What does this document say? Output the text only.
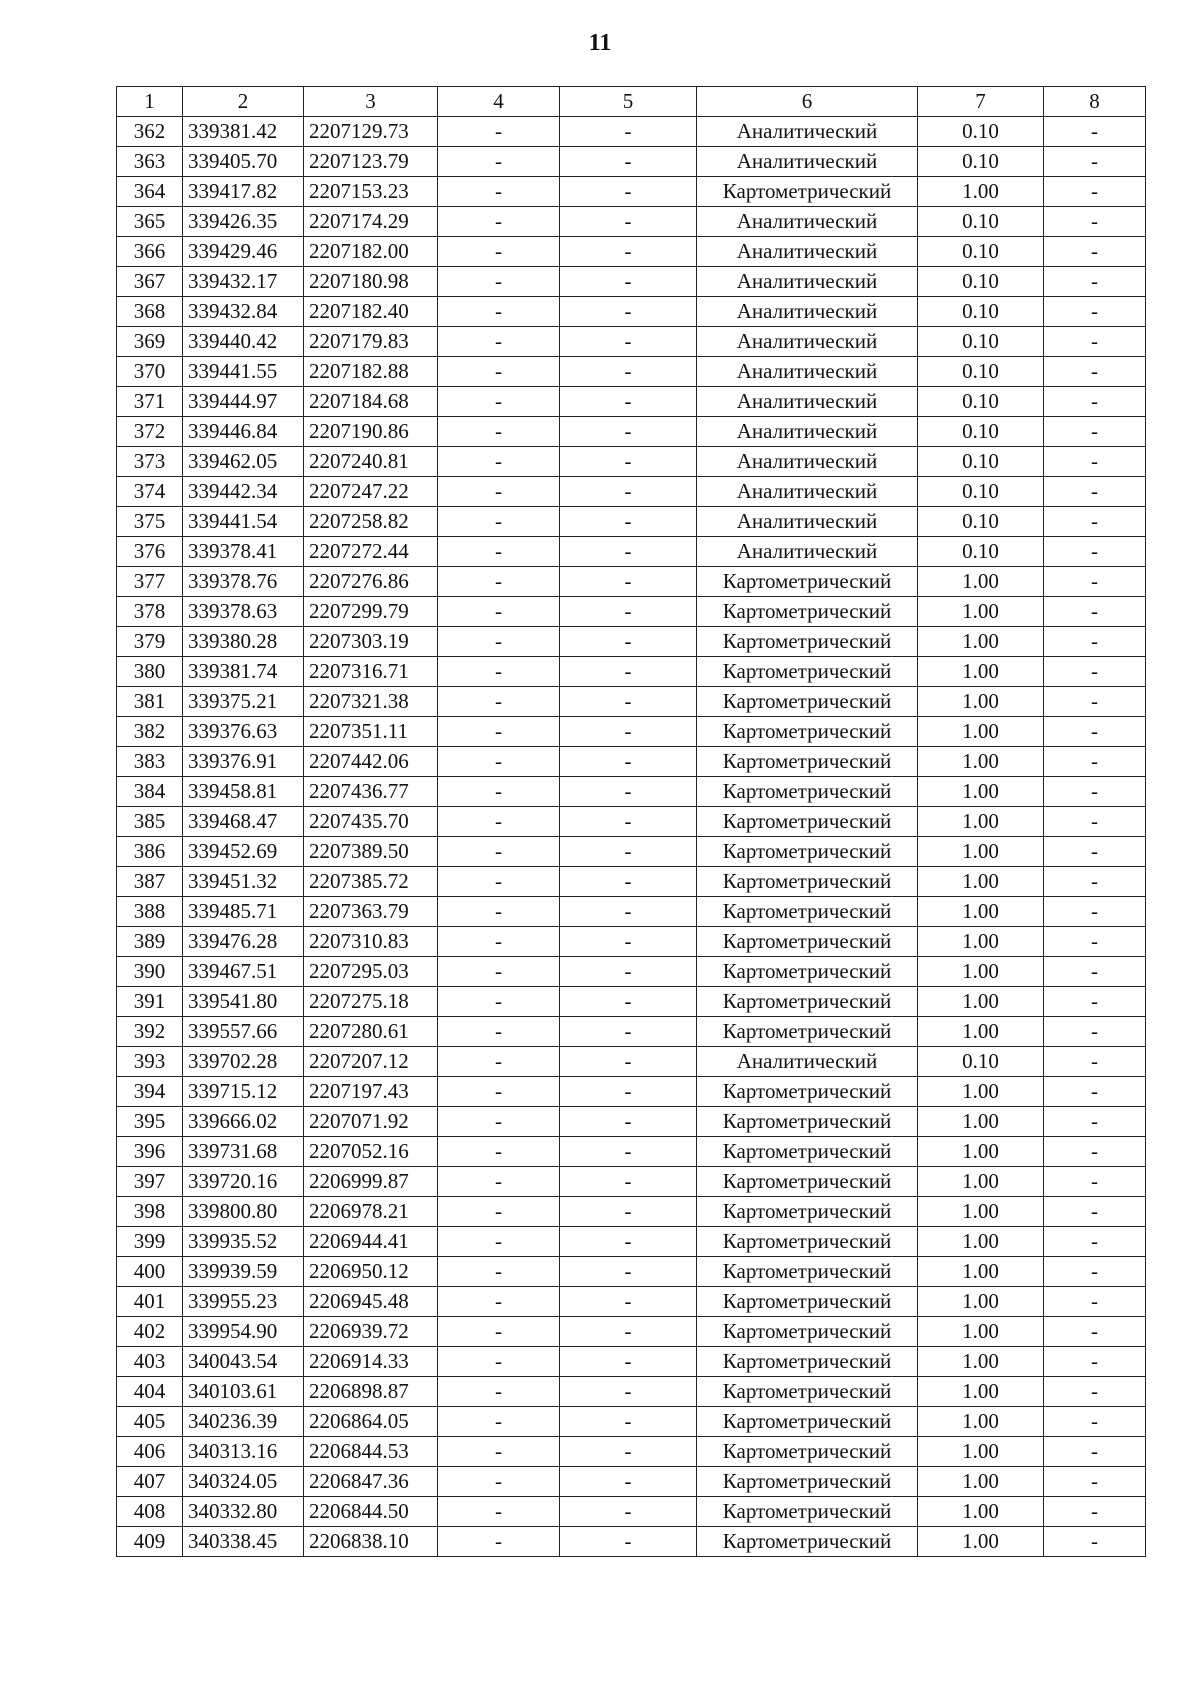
11
1	2	3	4	5	6	7	8
362	339381.42	2207129.73	-	-	Аналитический	0.10	-
363	339405.70	2207123.79	-	-	Аналитический	0.10	-
364	339417.82	2207153.23	-	-	Картометрический	1.00	-
365	339426.35	2207174.29	-	-	Аналитический	0.10	-
366	339429.46	2207182.00	-	-	Аналитический	0.10	-
367	339432.17	2207180.98	-	-	Аналитический	0.10	-
368	339432.84	2207182.40	-	-	Аналитический	0.10	-
369	339440.42	2207179.83	-	-	Аналитический	0.10	-
370	339441.55	2207182.88	-	-	Аналитический	0.10	-
371	339444.97	2207184.68	-	-	Аналитический	0.10	-
372	339446.84	2207190.86	-	-	Аналитический	0.10	-
373	339462.05	2207240.81	-	-	Аналитический	0.10	-
374	339442.34	2207247.22	-	-	Аналитический	0.10	-
375	339441.54	2207258.82	-	-	Аналитический	0.10	-
376	339378.41	2207272.44	-	-	Аналитический	0.10	-
377	339378.76	2207276.86	-	-	Картометрический	1.00	-
378	339378.63	2207299.79	-	-	Картометрический	1.00	-
379	339380.28	2207303.19	-	-	Картометрический	1.00	-
380	339381.74	2207316.71	-	-	Картометрический	1.00	-
381	339375.21	2207321.38	-	-	Картометрический	1.00	-
382	339376.63	2207351.11	-	-	Картометрический	1.00	-
383	339376.91	2207442.06	-	-	Картометрический	1.00	-
384	339458.81	2207436.77	-	-	Картометрический	1.00	-
385	339468.47	2207435.70	-	-	Картометрический	1.00	-
386	339452.69	2207389.50	-	-	Картометрический	1.00	-
387	339451.32	2207385.72	-	-	Картометрический	1.00	-
388	339485.71	2207363.79	-	-	Картометрический	1.00	-
389	339476.28	2207310.83	-	-	Картометрический	1.00	-
390	339467.51	2207295.03	-	-	Картометрический	1.00	-
391	339541.80	2207275.18	-	-	Картометрический	1.00	-
392	339557.66	2207280.61	-	-	Картометрический	1.00	-
393	339702.28	2207207.12	-	-	Аналитический	0.10	-
394	339715.12	2207197.43	-	-	Картометрический	1.00	-
395	339666.02	2207071.92	-	-	Картометрический	1.00	-
396	339731.68	2207052.16	-	-	Картометрический	1.00	-
397	339720.16	2206999.87	-	-	Картометрический	1.00	-
398	339800.80	2206978.21	-	-	Картометрический	1.00	-
399	339935.52	2206944.41	-	-	Картометрический	1.00	-
400	339939.59	2206950.12	-	-	Картометрический	1.00	-
401	339955.23	2206945.48	-	-	Картометрический	1.00	-
402	339954.90	2206939.72	-	-	Картометрический	1.00	-
403	340043.54	2206914.33	-	-	Картометрический	1.00	-
404	340103.61	2206898.87	-	-	Картометрический	1.00	-
405	340236.39	2206864.05	-	-	Картометрический	1.00	-
406	340313.16	2206844.53	-	-	Картометрический	1.00	-
407	340324.05	2206847.36	-	-	Картометрический	1.00	-
408	340332.80	2206844.50	-	-	Картометрический	1.00	-
409	340338.45	2206838.10	-	-	Картометрический	1.00	-
